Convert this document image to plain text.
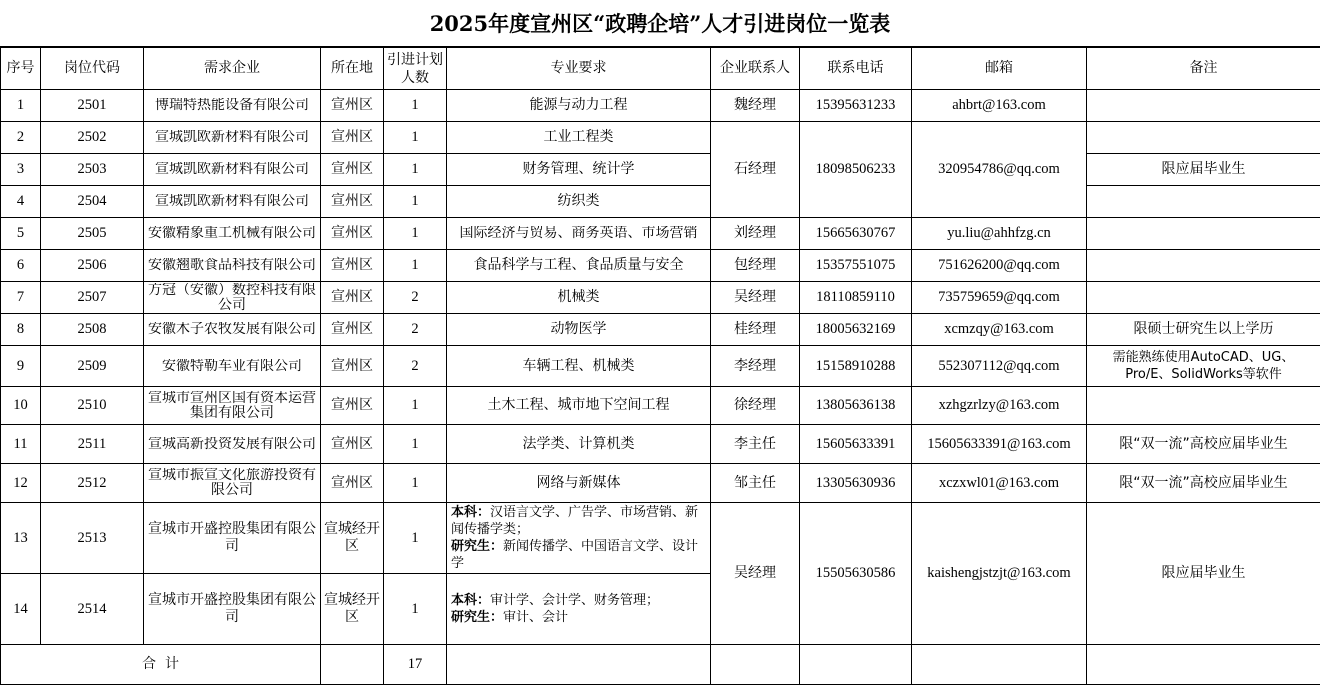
2025年度宣州区“政聘企培”人才引进岗位一览表
序号	岗位代码	需求企业	所在地	引进计划人数	专业要求	企业联系人	联系电话	邮箱	备注
1	2501	博瑞特热能设备有限公司	宣州区	1	能源与动力工程	魏经理	15395631233	ahbrt@163.com	
2	2502	宣城凯欧新材料有限公司	宣州区	1	工业工程类	石经理	18098506233	320954786@qq.com	
3	2503	宣城凯欧新材料有限公司	宣州区	1	财务管理、统计学				限应届毕业生
4	2504	宣城凯欧新材料有限公司	宣州区	1	纺织类				
5	2505	安徽精象重工机械有限公司	宣州区	1	国际经济与贸易、商务英语、市场营销	刘经理	15665630767	yu.liu@ahhfzg.cn	
6	2506	安徽翘歌食品科技有限公司	宣州区	1	食品科学与工程、食品质量与安全	包经理	15357551075	751626200@qq.com	
7	2507	方冠（安徽）数控科技有限公司	宣州区	2	机械类	吴经理	18110859110	735759659@qq.com	
8	2508	安徽木子农牧发展有限公司	宣州区	2	动物医学	桂经理	18005632169	xcmzqy@163.com	限硕士研究生以上学历
9	2509	安徽特勒车业有限公司	宣州区	2	车辆工程、机械类	李经理	15158910288	552307112@qq.com	需能熟练使用AutoCAD、UG、Pro/E、SolidWorks等软件
10	2510	宣城市宣州区国有资本运营集团有限公司	宣州区	1	土木工程、城市地下空间工程	徐经理	13805636138	xzhgzrlzy@163.com	
11	2511	宣城高新投资发展有限公司	宣州区	1	法学类、计算机类	李主任	15605633391	15605633391@163.com	限“双一流”高校应届毕业生
12	2512	宣城市振宣文化旅游投资有限公司	宣州区	1	网络与新媒体	邹主任	13305630936	xczxwl01@163.com	限“双一流”高校应届毕业生
13	2513	宣城市开盛控股集团有限公司	宣城经开区	1	本科：汉语言文学、广告学、市场营销、新闻传播学类；
研究生：新闻传播学、中国语言文学、设计学	吴经理	15505630586	kaishengjstzjt@163.com	限应届毕业生
14	2514	宣城市开盛控股集团有限公司	宣城经开区	1	本科：审计学、会计学、财务管理；
研究生：审计、会计				
合  计				17					
